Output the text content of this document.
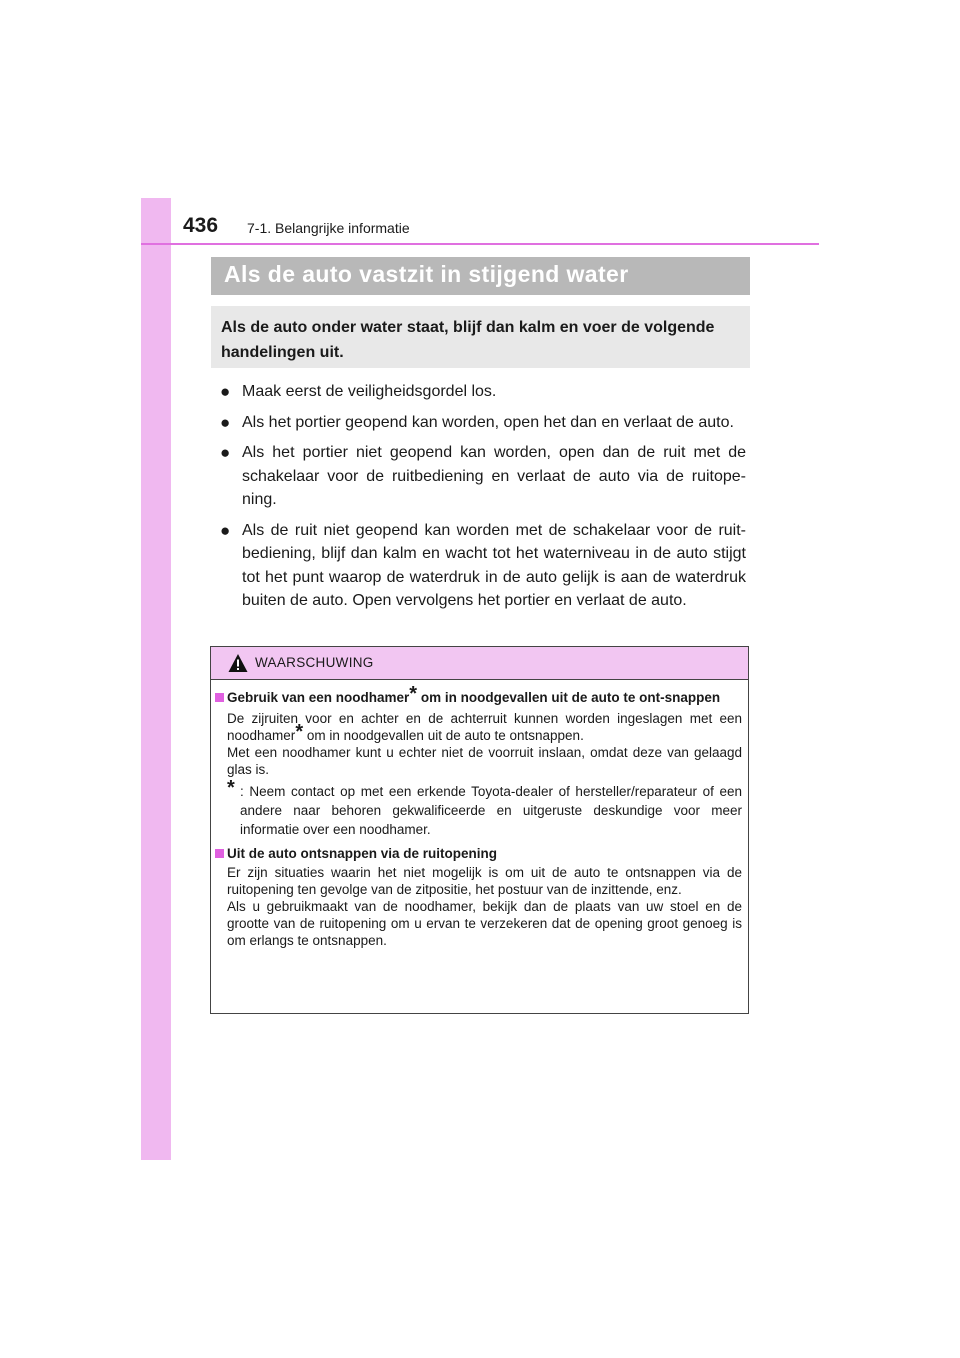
436 7-1. Belangrijke informatie
Als de auto vastzit in stijgend water
Als de auto onder water staat, blijf dan kalm en voer de volgende handelingen uit.
● Maak eerst de veiligheidsgordel los.
● Als het portier geopend kan worden, open het dan en verlaat de auto.
● Als het portier niet geopend kan worden, open dan de ruit met de schakelaar voor de ruitbediening en verlaat de auto via de ruitope-ning.
● Als de ruit niet geopend kan worden met de schakelaar voor de ruit-bediening, blijf dan kalm en wacht tot het waterniveau in de auto stijgt tot het punt waarop de waterdruk in de auto gelijk is aan de waterdruk buiten de auto. Open vervolgens het portier en verlaat de auto.
WAARSCHUWING
Gebruik van een noodhamer* om in noodgevallen uit de auto te ont-snappen
De zijruiten voor en achter en de achterruit kunnen worden ingeslagen met een noodhamer* om in noodgevallen uit de auto te ontsnappen.
Met een noodhamer kunt u echter niet de voorruit inslaan, omdat deze van gelaagd glas is.
* : Neem contact op met een erkende Toyota-dealer of hersteller/reparateur of een andere naar behoren gekwalificeerde en uitgeruste deskundige voor meer informatie over een noodhamer.
Uit de auto ontsnappen via de ruitopening
Er zijn situaties waarin het niet mogelijk is om uit de auto te ontsnappen via de ruitopening ten gevolge van de zitpositie, het postuur van de inzittende, enz.
Als u gebruikmaakt van de noodhamer, bekijk dan de plaats van uw stoel en de grootte van de ruitopening om u ervan te verzekeren dat de opening groot genoeg is om erlangs te ontsnappen.
